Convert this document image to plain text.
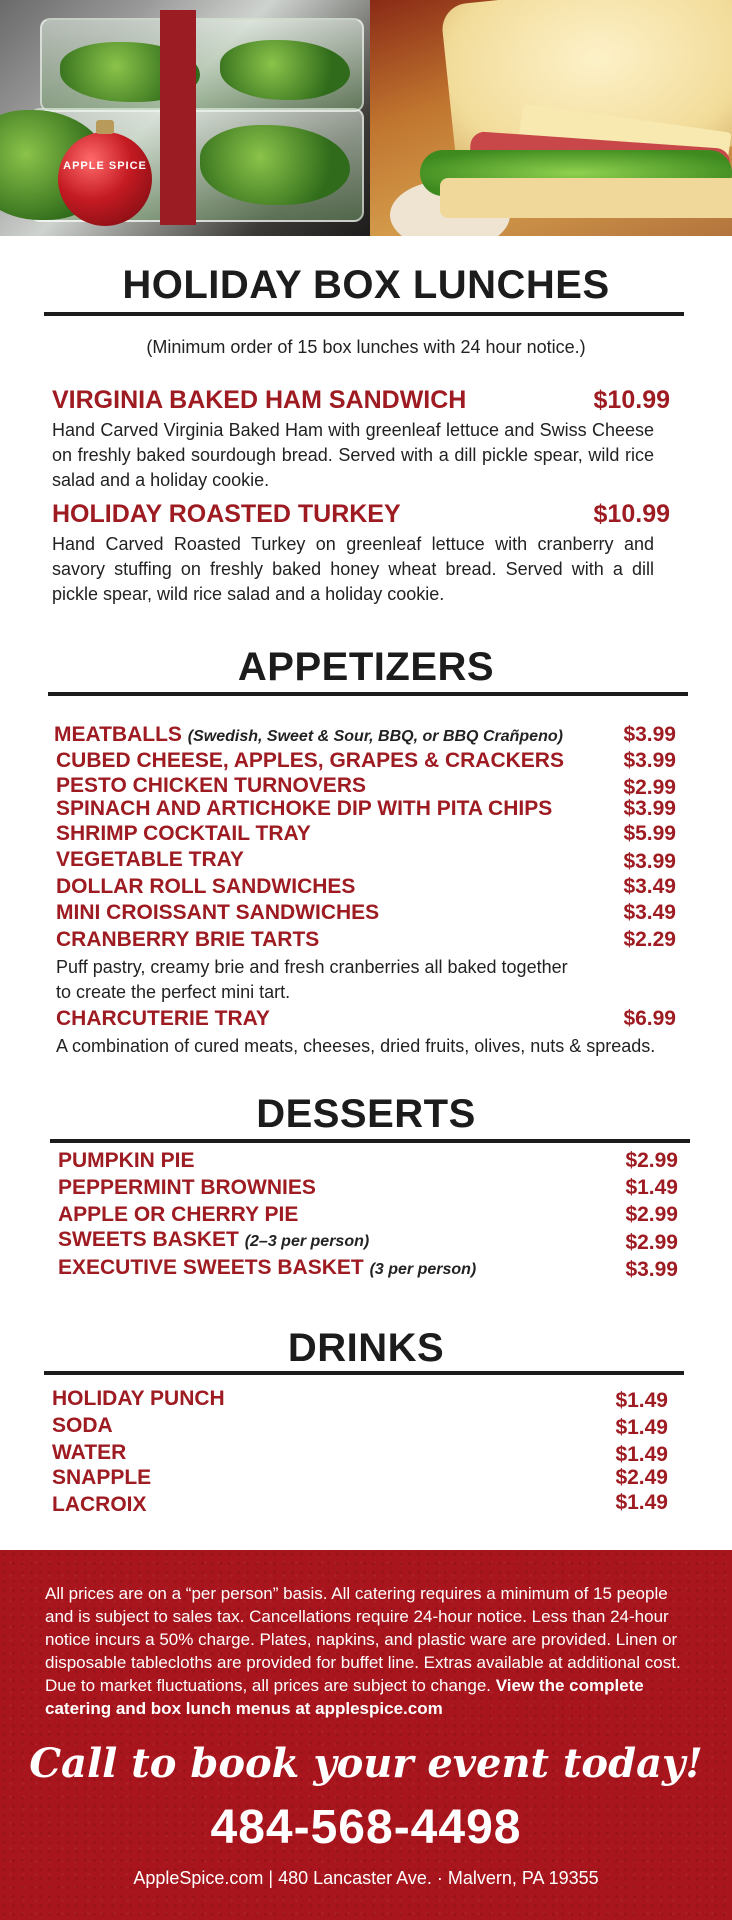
APPLE SPICE
HOLIDAY BOX LUNCHES
(Minimum order of 15 box lunches with 24 hour notice.)
VIRGINIA BAKED HAM SANDWICH	$10.99
Hand Carved Virginia Baked Ham with greenleaf lettuce and Swiss Cheese on freshly baked sourdough bread. Served with a dill pickle spear, wild rice salad and a holiday cookie.
HOLIDAY ROASTED TURKEY	$10.99
Hand Carved Roasted Turkey on greenleaf lettuce with cranberry and savory stuffing on freshly baked honey wheat bread. Served with a dill pickle spear, wild rice salad and a holiday cookie.
APPETIZERS
MEATBALLS (Swedish, Sweet & Sour, BBQ, or BBQ Crañpeno)	$3.99
CUBED CHEESE, APPLES, GRAPES & CRACKERS	$3.99
PESTO CHICKEN TURNOVERS	$2.99
SPINACH AND ARTICHOKE DIP WITH PITA CHIPS	$3.99
SHRIMP COCKTAIL TRAY	$5.99
VEGETABLE TRAY	$3.99
DOLLAR ROLL SANDWICHES	$3.49
MINI CROISSANT SANDWICHES	$3.49
CRANBERRY BRIE TARTS	$2.29
Puff pastry, creamy brie and fresh cranberries all baked together
to create the perfect mini tart.
CHARCUTERIE TRAY	$6.99
A combination of cured meats, cheeses, dried fruits, olives, nuts & spreads.
DESSERTS
PUMPKIN PIE	$2.99
PEPPERMINT BROWNIES	$1.49
APPLE OR CHERRY PIE	$2.99
SWEETS BASKET (2–3 per person)	$2.99
EXECUTIVE SWEETS BASKET (3 per person)	$3.99
DRINKS
HOLIDAY PUNCH	$1.49
SODA	$1.49
WATER	$1.49
SNAPPLE	$2.49
LACROIX	$1.49
All prices are on a “per person” basis. All catering requires a minimum of 15 people and is subject to sales tax. Cancellations require 24-hour notice. Less than 24-hour notice incurs a 50% charge. Plates, napkins, and plastic ware are provided. Linen or disposable tablecloths are provided for buffet line. Extras available at additional cost. Due to market fluctuations, all prices are subject to change. View the complete catering and box lunch menus at applespice.com
Call to book your event today!
484-568-4498
AppleSpice.com | 480 Lancaster Ave. · Malvern, PA 19355
